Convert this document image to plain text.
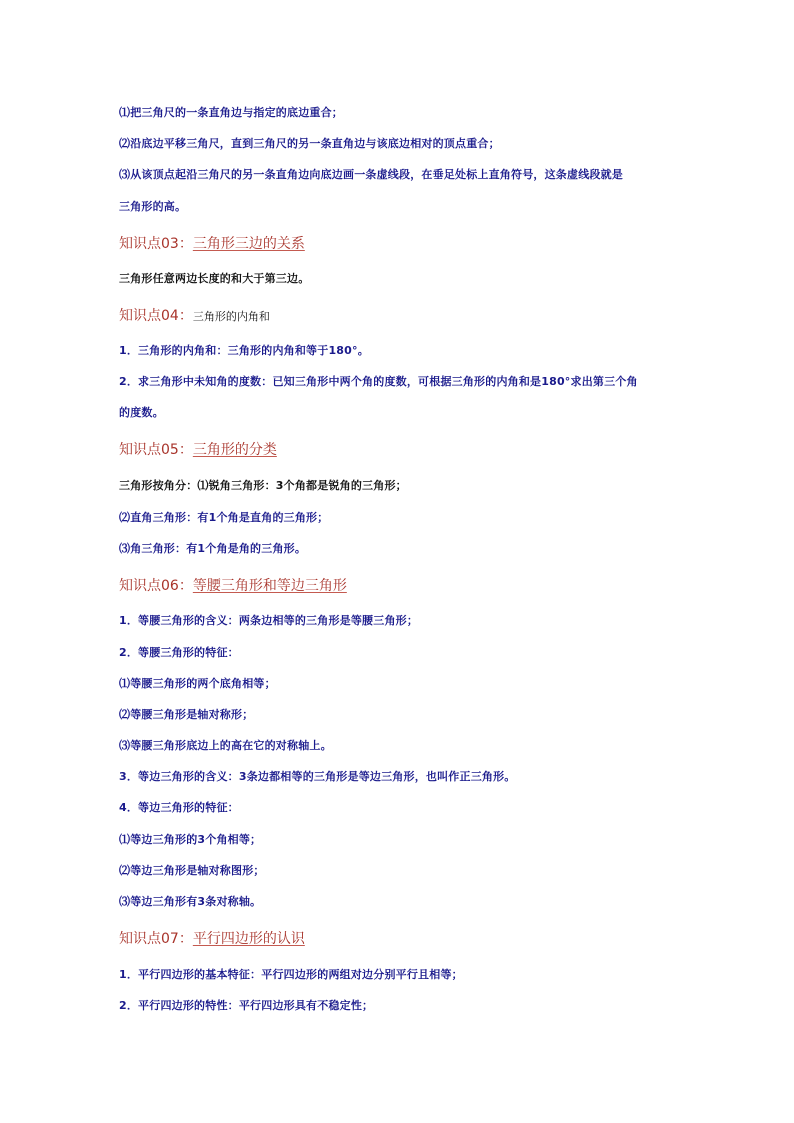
⑴把三角尺的一条直角边与指定的底边重合；
⑵沿底边平移三角尺，直到三角尺的另一条直角边与该底边相对的顶点重合；
⑶从该顶点起沿三角尺的另一条直角边向底边画一条虚线段，在垂足处标上直角符号，这条虚线段就是
三角形的高。
知识点03：三角形三边的关系
三角形任意两边长度的和大于第三边。
知识点04：三角形的内角和
1．三角形的内角和：三角形的内角和等于180°。
2．求三角形中未知角的度数：已知三角形中两个角的度数，可根据三角形的内角和是180°求出第三个角
的度数。
知识点05：三角形的分类
三角形按角分：⑴锐角三角形：3个角都是锐角的三角形；
⑵直角三角形：有1个角是直角的三角形；
⑶角三角形：有1个角是角的三角形。
知识点06：等腰三角形和等边三角形
1．等腰三角形的含义：两条边相等的三角形是等腰三角形；
2．等腰三角形的特征：
⑴等腰三角形的两个底角相等；
⑵等腰三角形是轴对称形；
⑶等腰三角形底边上的高在它的对称轴上。
3．等边三角形的含义：3条边都相等的三角形是等边三角形，也叫作正三角形。
4．等边三角形的特征：
⑴等边三角形的3个角相等；
⑵等边三角形是轴对称图形；
⑶等边三角形有3条对称轴。
知识点07：平行四边形的认识
1．平行四边形的基本特征：平行四边形的两组对边分别平行且相等；
2．平行四边形的特性：平行四边形具有不稳定性；
